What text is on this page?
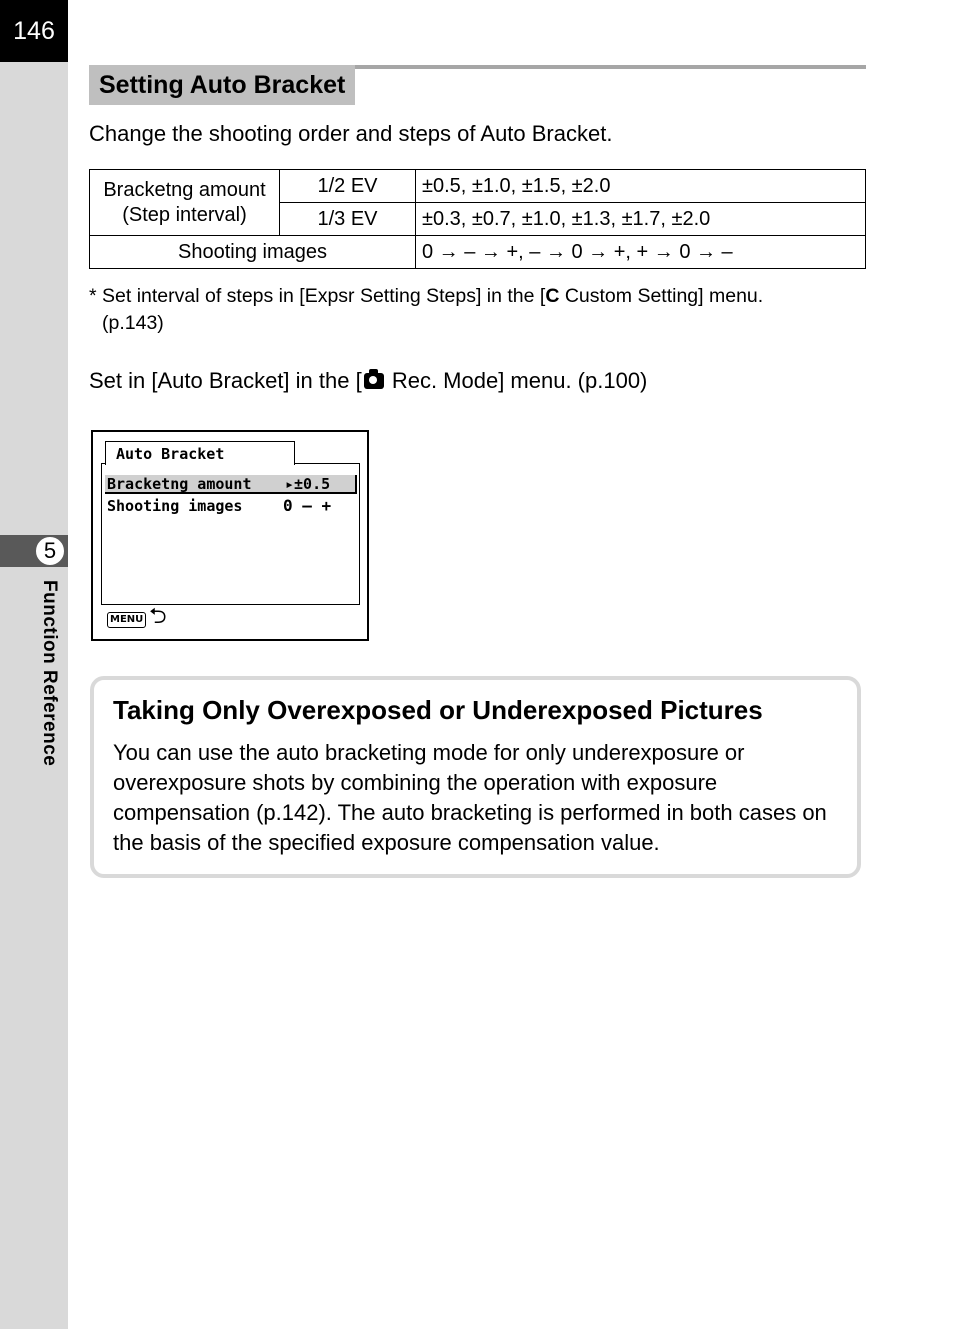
146
5
Function Reference
Setting Auto Bracket
Change the shooting order and steps of Auto Bracket.
Bracketng amount
(Step interval)	1/2 EV	±0.5, ±1.0, ±1.5, ±2.0
	1/3 EV	±0.3, ±0.7, ±1.0, ±1.3, ±1.7, ±2.0
Shooting images		0 → – → +, – → 0 → +, + → 0 → –
* Set interval of steps in [Expsr Setting Steps] in the [C Custom Setting] menu.
(p.143)
Set in [Auto Bracket] in the [ Rec. Mode] menu. (p.100)
Auto Bracket
Bracketng amount ▸±0.5
Shooting images	0 — +
MENU ⮌
Taking Only Overexposed or Underexposed Pictures
You can use the auto bracketing mode for only underexposure or overexposure shots by combining the operation with exposure compensation (p.142). The auto bracketing is performed in both cases on the basis of the specified exposure compensation value.
